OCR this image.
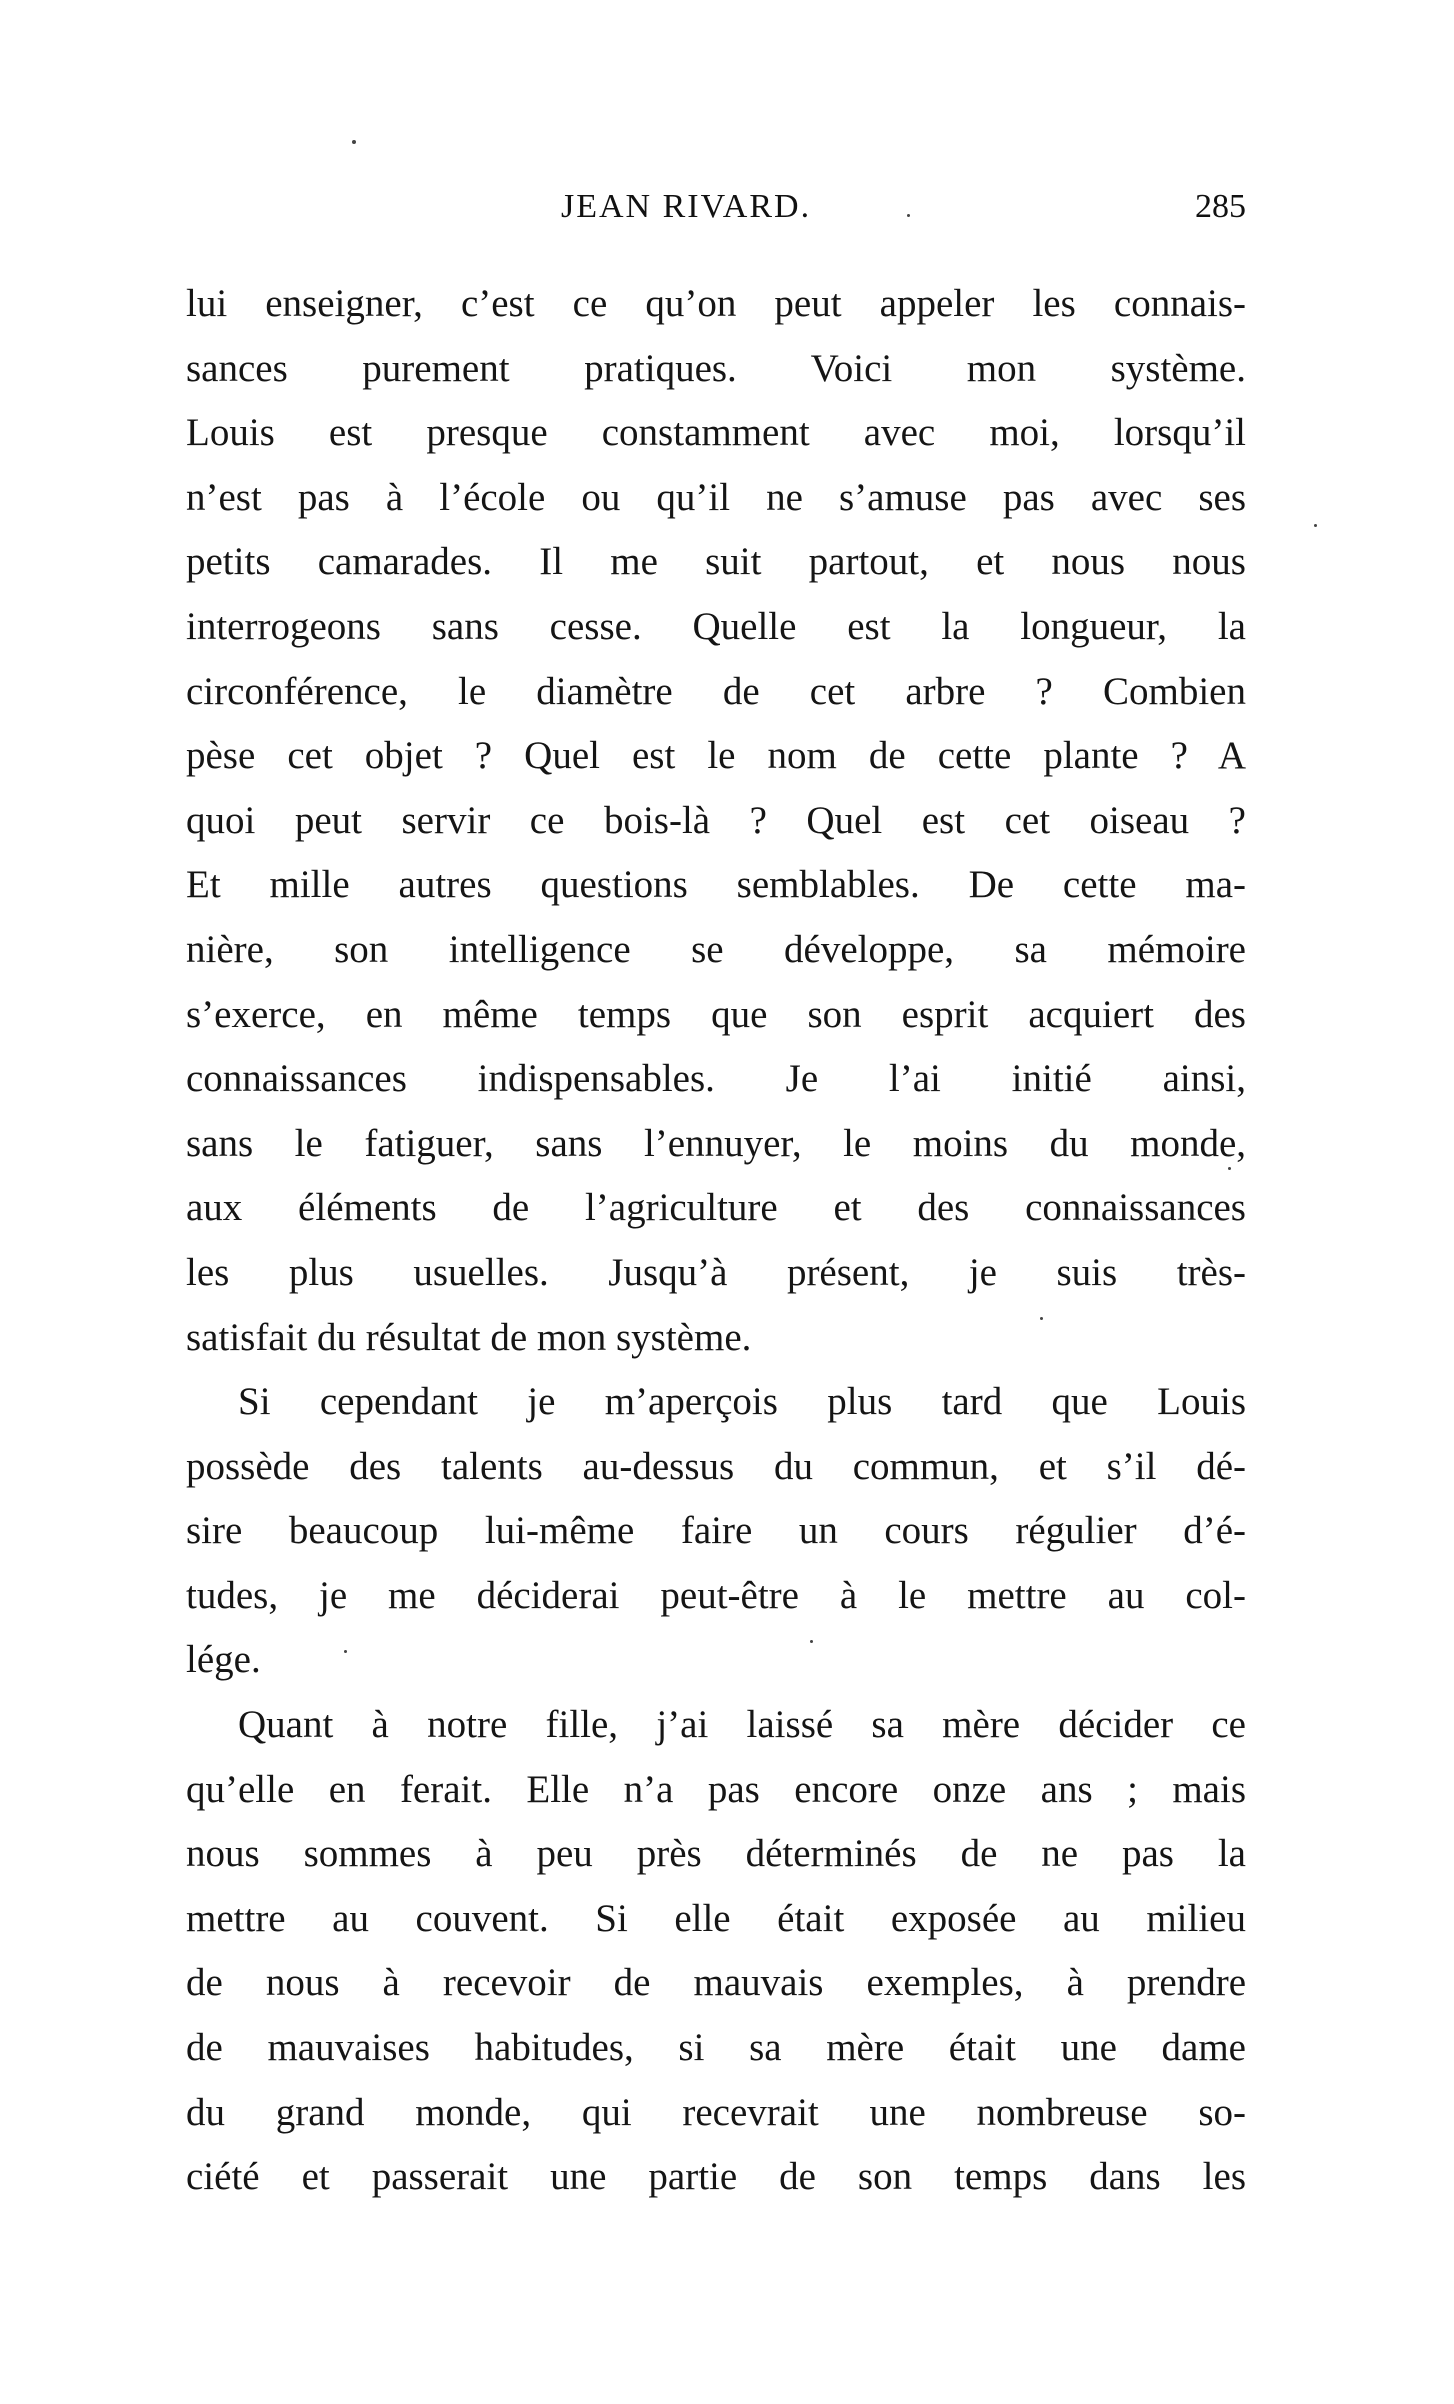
JEAN RIVARD.	285
lui enseigner, c’est ce qu’on peut appeler les connais-
sances purement pratiques. Voici mon système.
Louis est presque constamment avec moi, lorsqu’il
n’est pas à l’école ou qu’il ne s’amuse pas avec ses
petits camarades. Il me suit partout, et nous nous
interrogeons sans cesse. Quelle est la longueur, la
circonférence, le diamètre de cet arbre ? Combien
pèse cet objet ? Quel est le nom de cette plante ? A
quoi peut servir ce bois-là ? Quel est cet oiseau ?
Et mille autres questions semblables. De cette ma-
nière, son intelligence se développe, sa mémoire
s’exerce, en même temps que son esprit acquiert des
connaissances indispensables. Je l’ai initié ainsi,
sans le fatiguer, sans l’ennuyer, le moins du monde,
aux éléments de l’agriculture et des connaissances
les plus usuelles. Jusqu’à présent, je suis très-
satisfait du résultat de mon système.
Si cependant je m’aperçois plus tard que Louis
possède des talents au-dessus du commun, et s’il dé-
sire beaucoup lui-même faire un cours régulier d’é-
tudes, je me déciderai peut-être à le mettre au col-
lége.
Quant à notre fille, j’ai laissé sa mère décider ce
qu’elle en ferait. Elle n’a pas encore onze ans ; mais
nous sommes à peu près déterminés de ne pas la
mettre au couvent. Si elle était exposée au milieu
de nous à recevoir de mauvais exemples, à prendre
de mauvaises habitudes, si sa mère était une dame
du grand monde, qui recevrait une nombreuse so-
ciété et passerait une partie de son temps dans les
